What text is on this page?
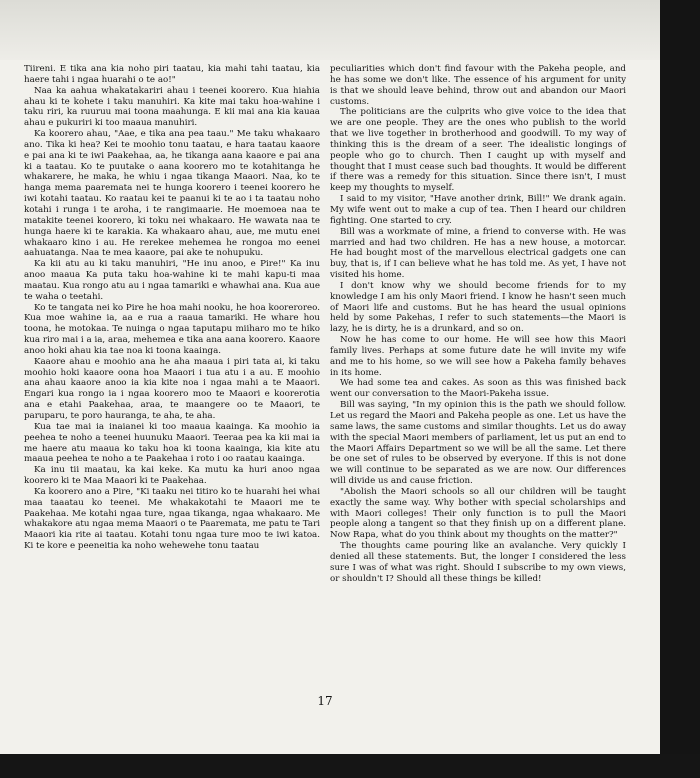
Tiireni. E tika ana kia noho piri taatau, kia mahi tahi taatau, kia haere tahi i ngaa huarahi o te ao!"

Naa ka aahua whakatakariri ahau i teenei koorero. Kua hiahia ahau ki te kohete i taku manuhiri. Ka kite mai taku hoa-wahine i taku riri, ka ruuruu mai toona maahunga. E kii mai ana kia kauaa ahau e pukuriri ki too maaua manuhiri.

Ka koorero ahau, "Aae, e tika ana pea taau." Me taku whakaaro ano. Tika ki hea? Kei te moohio tonu taatau, e hara taatau kaaore e pai ana ki te iwi Paakehaa, aa, he tikanga aana kaaore e pai ana ki a taatau. Ko te puutake o aana koorero mo te kotahitanga he whakarere, he maka, he whiu i ngaa tikanga Maaori. Naa, ko te hanga mema paaremata nei te hunga koorero i teenei koorero he iwi kotahi taatau. Ko raatau kei te paanui ki te ao i ta taatau noho kotahi i runga i te aroha, i te rangimaarie. He moemoea naa te matakite teenei koorero, ki toku nei whakaaro. He wawata naa te hunga haere ki te karakia. Ka whakaaro ahau, aue, me mutu enei whakaaro kino i au. He rerekee mehemea he rongoa mo eenei aahuatanga. Naa te mea kaaore, pai ake te nohupuku.

Ka kii atu au ki taku manuhiri, "He inu anoo, e Pire!" Ka inu anoo maaua Ka puta taku hoa-wahine ki te mahi kapu-ti maa maatau. Kua rongo atu au i ngaa tamariki e whawhai ana. Kua aue te waha o teetahi.

Ko te tangata nei ko Pire he hoa mahi nooku, he hoa kooreroreo. Kua moe wahine ia, aa e rua a raaua tamariki. He whare hou toona, he motokaa. Te nuinga o ngaa taputapu miiharo mo te hiko kua riro mai i a ia, araa, mehemea e tika ana aana koorero. Kaaore anoo hoki ahau kia tae noa ki toona kaainga.

Kaaore ahau e moohio ana he aha maaua i piri tata ai, ki taku moohio hoki kaaore oona hoa Maaori i tua atu i a au. E moohio ana ahau kaaore anoo ia kia kite noa i ngaa mahi a te Maaori. Engari kua rongo ia i ngaa koorero moo te Maaori e koorerotia ana e etahi Paakehaa, araa, te maangere oo te Maaori, te paruparu, te poro hauranga, te aha, te aha.

Kua tae mai ia inaianei ki too maaua kaainga. Ka moohio ia peehea te noho a teenei huunuku Maaori. Teeraa pea ka kii mai ia me haere atu maaua ko taku hoa ki toona kaainga, kia kite atu maaua peehea te noho a te Paakehaa i roto i oo raatau kaainga.

Ka inu tii maatau, ka kai keke. Ka mutu ka huri anoo ngaa koorero ki te Maa Maaori ki te Paakehaa.

Ka koorero ano a Pire, "Ki taaku nei titiro ko te huarahi hei whai maa taaatau ko teenei. Me whakakotahi te Maaori me te Paakehaa. Me kotahi ngaa ture, ngaa tikanga, ngaa whakaaro. Me whakakore atu ngaa mema Maaori o te Paaremata, me patu te Tari Maaori kia rite ai taatau. Kotahi tonu ngaa ture moo te iwi katoa. Ki te kore e peeneitia ka noho wehewehe tonu taatau

peculiarities which don't find favour with the Pakeha people, and he has some we don't like. The essence of his argument for unity is that we should leave behind, throw out and abandon our Maori customs.

The politicians are the culprits who give voice to the idea that we are one people. They are the ones who publish to the world that we live together in brotherhood and goodwill. To my way of thinking this is the dream of a seer. The idealistic longings of people who go to church. Then I caught up with myself and thought that I must cease such bad thoughts. It would be different if there was a remedy for this situation. Since there isn't, I must keep my thoughts to myself.

I said to my visitor, "Have another drink, Bill!" We drank again. My wife went out to make a cup of tea. Then I heard our children fighting. One started to cry.

Bill was a workmate of mine, a friend to converse with. He was married and had two children. He has a new house, a motorcar. He had bought most of the marvellous electrical gadgets one can buy, that is, if I can believe what he has told me. As yet, I have not visited his home.

I don't know why we should become friends for to my knowledge I am his only Maori friend. I know he hasn't seen much of Maori life and customs. But he has heard the usual opinions held by some Pakehas, I refer to such statements—the Maori is lazy, he is dirty, he is a drunkard, and so on.

Now he has come to our home. He will see how this Maori family lives. Perhaps at some future date he will invite my wife and me to his home, so we will see how a Pakeha family behaves in its home.

We had some tea and cakes. As soon as this was finished back went our conversation to the Maori-Pakeha issue.

Bill was saying, "In my opinion this is the path we should follow. Let us regard the Maori and Pakeha people as one. Let us have the same laws, the same customs and similar thoughts. Let us do away with the special Maori members of parliament, let us put an end to the Maori Affairs Department so we will be all the same. Let there be one set of rules to be observed by everyone. If this is not done we will continue to be separated as we are now. Our differences will divide us and cause friction.

"Abolish the Maori schools so all our children will be taught exactly the same way. Why bother with special scholarships and with Maori colleges! Their only function is to pull the Maori people along a tangent so that they finish up on a different plane. Now Rapa, what do you think about my thoughts on the matter?"

The thoughts came pouring like an avalanche. Very quickly I denied all these statements. But, the longer I considered the less sure I was of what was right. Should I subscribe to my own views, or shouldn't I? Should all these things be killed!

17
